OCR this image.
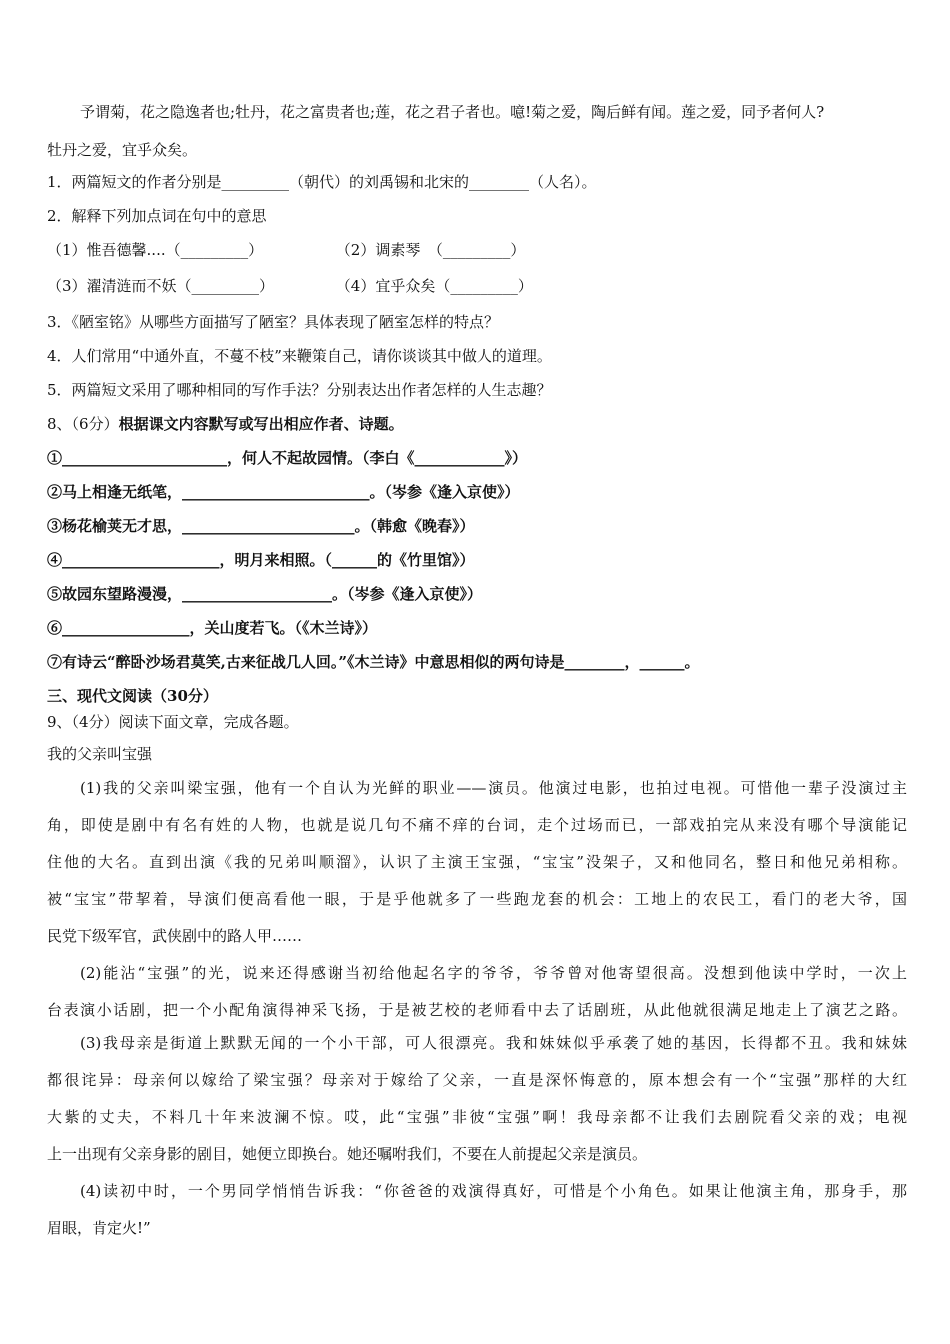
予谓菊，花之隐逸者也;牡丹，花之富贵者也;莲，花之君子者也。噫!菊之爱，陶后鲜有闻。莲之爱，同予者何人?
牡丹之爱，宜乎众矣。
1．两篇短文的作者分别是_________（朝代）的刘禹锡和北宋的________（人名）。
2．解释下列加点词在句中的意思
（1）惟吾德馨....（_________）	（2）调素琴　（_________）
（3）濯清涟而不妖（_________）	（4）宜乎众矣（_________）
3．《陋室铭》从哪些方面描写了陋室？具体表现了陋室怎样的特点？
4．人们常用“中通外直，不蔓不枝”来鞭策自己，请你谈谈其中做人的道理。
5．两篇短文采用了哪种相同的写作手法？分别表达出作者怎样的人生志趣？
8、（6分）根据课文内容默写或写出相应作者、诗题。
①______________________，何人不起故园情。（李白《____________》）
②马上相逢无纸笔，_________________________。（岑参《逢入京使》）
③杨花榆荚无才思，_______________________。（韩愈《晚春》）
④_____________________，明月来相照。（______的《竹里馆》）
⑤故园东望路漫漫，____________________。（岑参《逢入京使》）
⑥_________________，关山度若飞。（《木兰诗》）
⑦有诗云“醉卧沙场君莫笑,古来征战几人回。”《木兰诗》中意思相似的两句诗是________，______。
三、现代文阅读（30分）
9、（4分）阅读下面文章，完成各题。
我的父亲叫宝强
(1)我的父亲叫梁宝强，他有一个自认为光鲜的职业——演员。他演过电影，也拍过电视。可惜他一辈子没演过主
角，即使是剧中有名有姓的人物，也就是说几句不痛不痒的台词，走个过场而已，一部戏拍完从来没有哪个导演能记
住他的大名。直到出演《我的兄弟叫顺溜》，认识了主演王宝强，“宝宝”没架子，又和他同名，整日和他兄弟相称。
被“宝宝”带挈着，导演们便高看他一眼，于是乎他就多了一些跑龙套的机会：工地上的农民工，看门的老大爷，国
民党下级军官，武侠剧中的路人甲……
(2)能沾“宝强”的光，说来还得感谢当初给他起名字的爷爷，爷爷曾对他寄望很高。没想到他读中学时，一次上
台表演小话剧，把一个小配角演得神采飞扬，于是被艺校的老师看中去了话剧班，从此他就很满足地走上了演艺之路。
(3)我母亲是街道上默默无闻的一个小干部，可人很漂亮。我和妹妹似乎承袭了她的基因，长得都不丑。我和妹妹
都很诧异：母亲何以嫁给了梁宝强？母亲对于嫁给了父亲，一直是深怀悔意的，原本想会有一个“宝强”那样的大红
大紫的丈夫，不料几十年来波澜不惊。哎，此“宝强”非彼“宝强”啊！我母亲都不让我们去剧院看父亲的戏；电视
上一出现有父亲身影的剧目，她便立即换台。她还嘱咐我们，不要在人前提起父亲是演员。
(4)读初中时，一个男同学悄悄告诉我：“你爸爸的戏演得真好，可惜是个小角色。如果让他演主角，那身手，那
眉眼，肯定火!”
